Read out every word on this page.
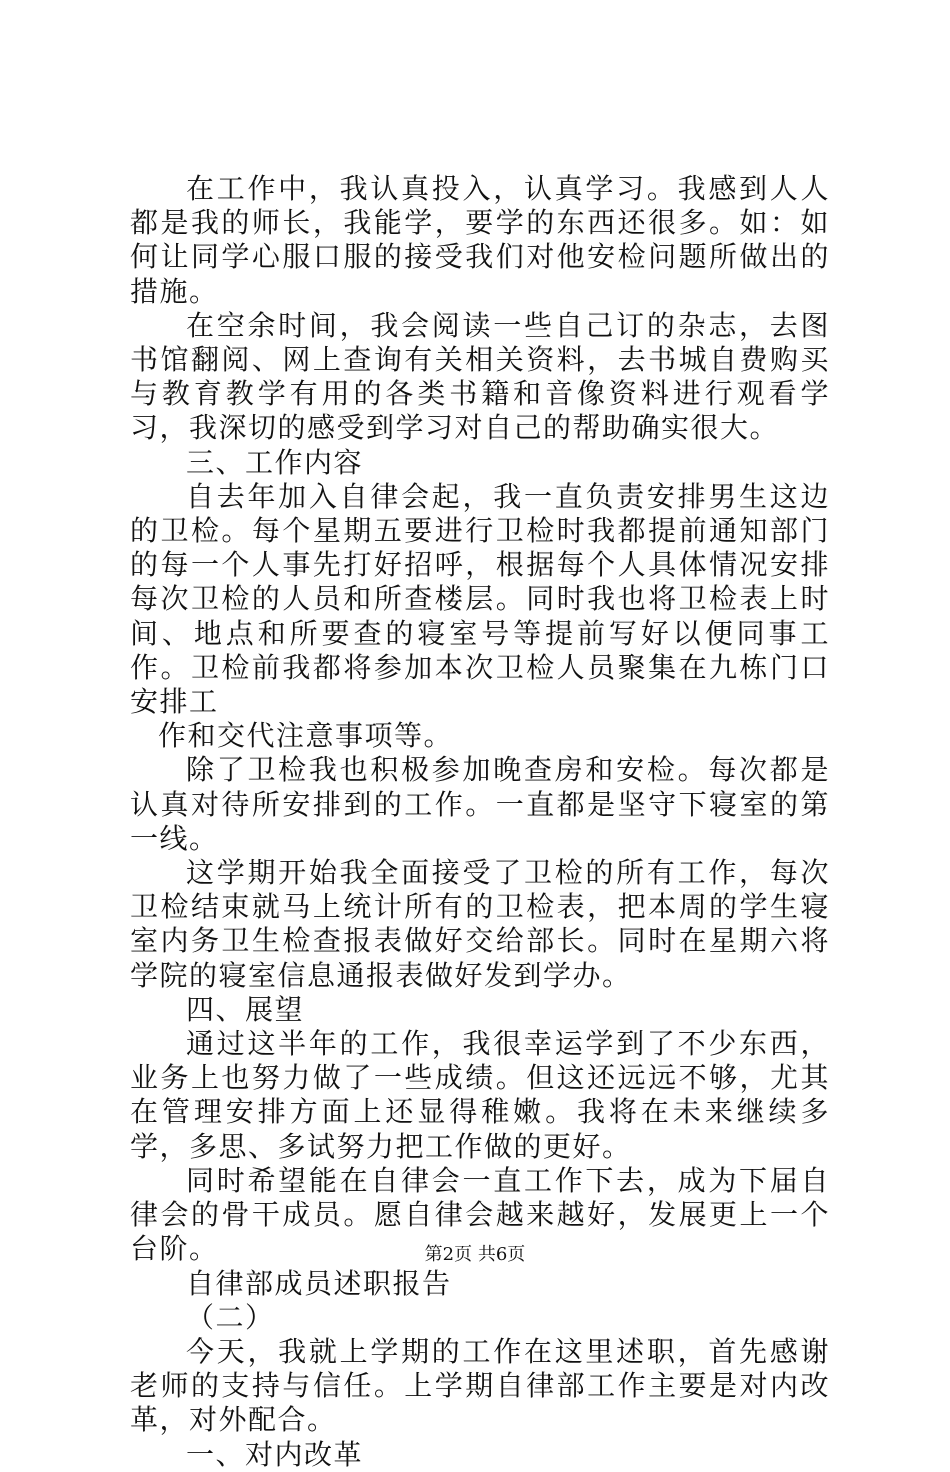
在工作中，我认真投入，认真学习。我感到人人都是我的师长，我能学，要学的东西还很多。如：如何让同学心服口服的接受我们对他安检问题所做出的措施。

在空余时间，我会阅读一些自己订的杂志，去图书馆翻阅、网上查询有关相关资料，去书城自费购买与教育教学有用的各类书籍和音像资料进行观看学习，我深切的感受到学习对自己的帮助确实很大。

三、工作内容

自去年加入自律会起，我一直负责安排男生这边的卫检。每个星期五要进行卫检时我都提前通知部门的每一个人事先打好招呼，根据每个人具体情况安排每次卫检的人员和所查楼层。同时我也将卫检表上时间、地点和所要查的寝室号等提前写好以便同事工作。卫检前我都将参加本次卫检人员聚集在九栋门口安排工

作和交代注意事项等。

除了卫检我也积极参加晚查房和安检。每次都是认真对待所安排到的工作。一直都是坚守下寝室的第一线。

这学期开始我全面接受了卫检的所有工作，每次卫检结束就马上统计所有的卫检表，把本周的学生寝室内务卫生检查报表做好交给部长。同时在星期六将学院的寝室信息通报表做好发到学办。

四、展望

通过这半年的工作，我很幸运学到了不少东西，业务上也努力做了一些成绩。但这还远远不够，尤其在管理安排方面上还显得稚嫩。我将在未来继续多学，多思、多试努力把工作做的更好。

同时希望能在自律会一直工作下去，成为下届自律会的骨干成员。愿自律会越来越好，发展更上一个台阶。

自律部成员述职报告

（二）

今天，我就上学期的工作在这里述职，首先感谢老师的支持与信任。上学期自律部工作主要是对内改革，对外配合。

一、对内改革

第2页 共6页
